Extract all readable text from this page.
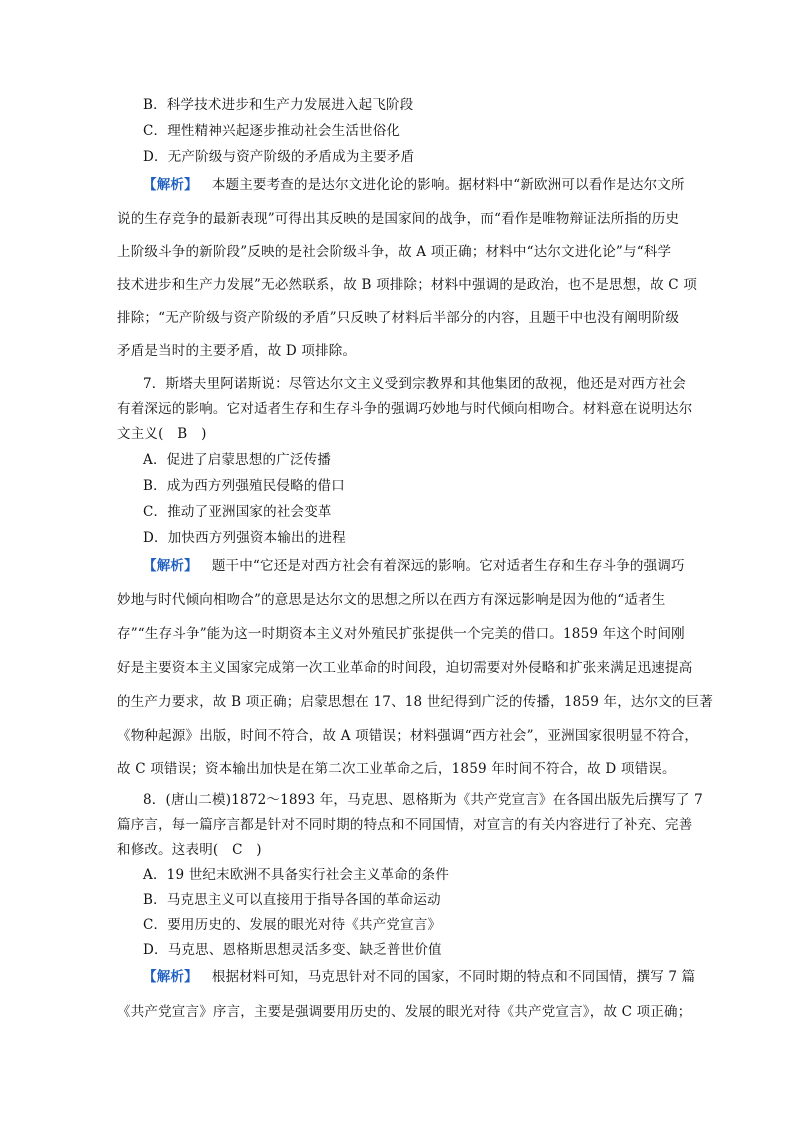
B．科学技术进步和生产力发展进入起飞阶段
C．理性精神兴起逐步推动社会生活世俗化
D．无产阶级与资产阶级的矛盾成为主要矛盾
【解析】 本题主要考查的是达尔文进化论的影响。据材料中“新欧洲可以看作是达尔文所
说的生存竞争的最新表现”可得出其反映的是国家间的战争，而“看作是唯物辩证法所指的历史
上阶级斗争的新阶段”反映的是社会阶级斗争，故 A 项正确；材料中“达尔文进化论”与“科学
技术进步和生产力发展”无必然联系，故 B 项排除；材料中强调的是政治，也不是思想，故 C 项
排除；“无产阶级与资产阶级的矛盾”只反映了材料后半部分的内容，且题干中也没有阐明阶级
矛盾是当时的主要矛盾，故 D 项排除。
7．斯塔夫里阿诺斯说：尽管达尔文主义受到宗教界和其他集团的敌视，他还是对西方社会
有着深远的影响。它对适者生存和生存斗争的强调巧妙地与时代倾向相吻合。材料意在说明达尔
文主义(　B　)
A．促进了启蒙思想的广泛传播
B．成为西方列强殖民侵略的借口
C．推动了亚洲国家的社会变革
D．加快西方列强资本输出的进程
【解析】 题干中“它还是对西方社会有着深远的影响。它对适者生存和生存斗争的强调巧
妙地与时代倾向相吻合”的意思是达尔文的思想之所以在西方有深远影响是因为他的“适者生
存”“生存斗争”能为这一时期资本主义对外殖民扩张提供一个完美的借口。1859 年这个时间刚
好是主要资本主义国家完成第一次工业革命的时间段，迫切需要对外侵略和扩张来满足迅速提高
的生产力要求，故 B 项正确；启蒙思想在 17、18 世纪得到广泛的传播，1859 年，达尔文的巨著
《物种起源》出版，时间不符合，故 A 项错误；材料强调“西方社会”，亚洲国家很明显不符合，
故 C 项错误；资本输出加快是在第二次工业革命之后，1859 年时间不符合，故 D 项错误。
8．(唐山二模)1872～1893 年，马克思、恩格斯为《共产党宣言》在各国出版先后撰写了 7
篇序言，每一篇序言都是针对不同时期的特点和不同国情，对宣言的有关内容进行了补充、完善
和修改。这表明(　C　)
A．19 世纪末欧洲不具备实行社会主义革命的条件
B．马克思主义可以直接用于指导各国的革命运动
C．要用历史的、发展的眼光对待《共产党宣言》
D．马克思、恩格斯思想灵活多变、缺乏普世价值
【解析】 根据材料可知，马克思针对不同的国家，不同时期的特点和不同国情，撰写 7 篇
《共产党宣言》序言，主要是强调要用历史的、发展的眼光对待《共产党宣言》，故 C 项正确；
